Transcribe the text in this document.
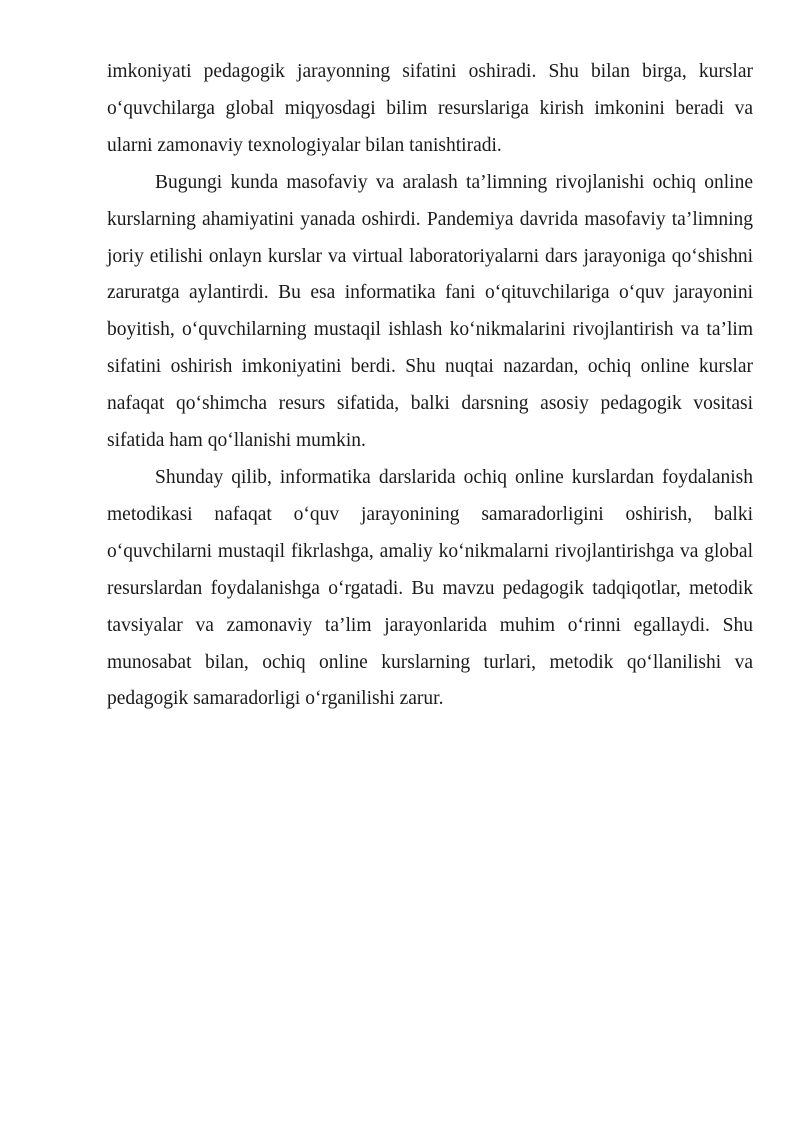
imkoniyati pedagogik jarayonning sifatini oshiradi. Shu bilan birga, kurslar o‘quvchilarga global miqyosdagi bilim resurslariga kirish imkonini beradi va ularni zamonaviy texnologiyalar bilan tanishtiradi.

Bugungi kunda masofaviy va aralash ta’limning rivojlanishi ochiq online kurslarning ahamiyatini yanada oshirdi. Pandemiya davrida masofaviy ta’limning joriy etilishi onlayn kurslar va virtual laboratoriyalarni dars jarayoniga qo‘shishni zaruratga aylantirdi. Bu esa informatika fani o‘qituvchilariga o‘quv jarayonini boyitish, o‘quvchilarning mustaqil ishlash ko‘nikmalarini rivojlantirish va ta’lim sifatini oshirish imkoniyatini berdi. Shu nuqtai nazardan, ochiq online kurslar nafaqat qo‘shimcha resurs sifatida, balki darsning asosiy pedagogik vositasi sifatida ham qo‘llanishi mumkin.

Shunday qilib, informatika darslarida ochiq online kurslardan foydalanish metodikasi nafaqat o‘quv jarayonining samaradorligini oshirish, balki o‘quvchilarni mustaqil fikrlashga, amaliy ko‘nikmalarni rivojlantirishga va global resurslardan foydalanishga o‘rgatadi. Bu mavzu pedagogik tadqiqotlar, metodik tavsiyalar va zamonaviy ta’lim jarayonlarida muhim o‘rinni egallaydi. Shu munosabat bilan, ochiq online kurslarning turlari, metodik qo‘llanilishi va pedagogik samaradorligi o‘rganilishi zarur.
